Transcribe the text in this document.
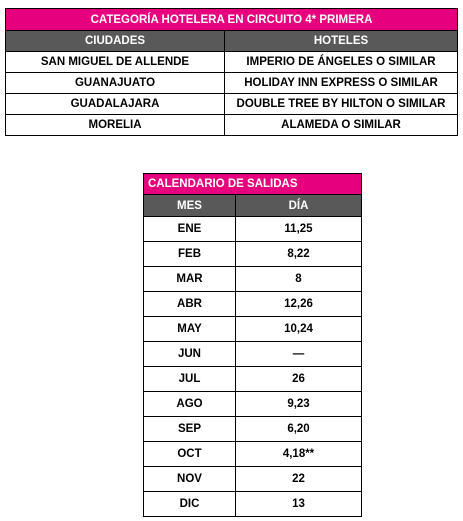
CATEGORÍA HOTELERA EN CIRCUITO 4* PRIMERA	
CIUDADES	HOTELES
SAN MIGUEL DE ALLENDE	IMPERIO DE ÁNGELES O SIMILAR
GUANAJUATO	HOLIDAY INN EXPRESS O SIMILAR
GUADALAJARA	DOUBLE TREE BY HILTON O SIMILAR
MORELIA	ALAMEDA O SIMILAR
CALENDARIO DE SALIDAS	
MES	DÍA
ENE	11,25
FEB	8,22
MAR	8
ABR	12,26
MAY	10,24
JUN	—
JUL	26
AGO	9,23
SEP	6,20
OCT	4,18**
NOV	22
DIC	13
